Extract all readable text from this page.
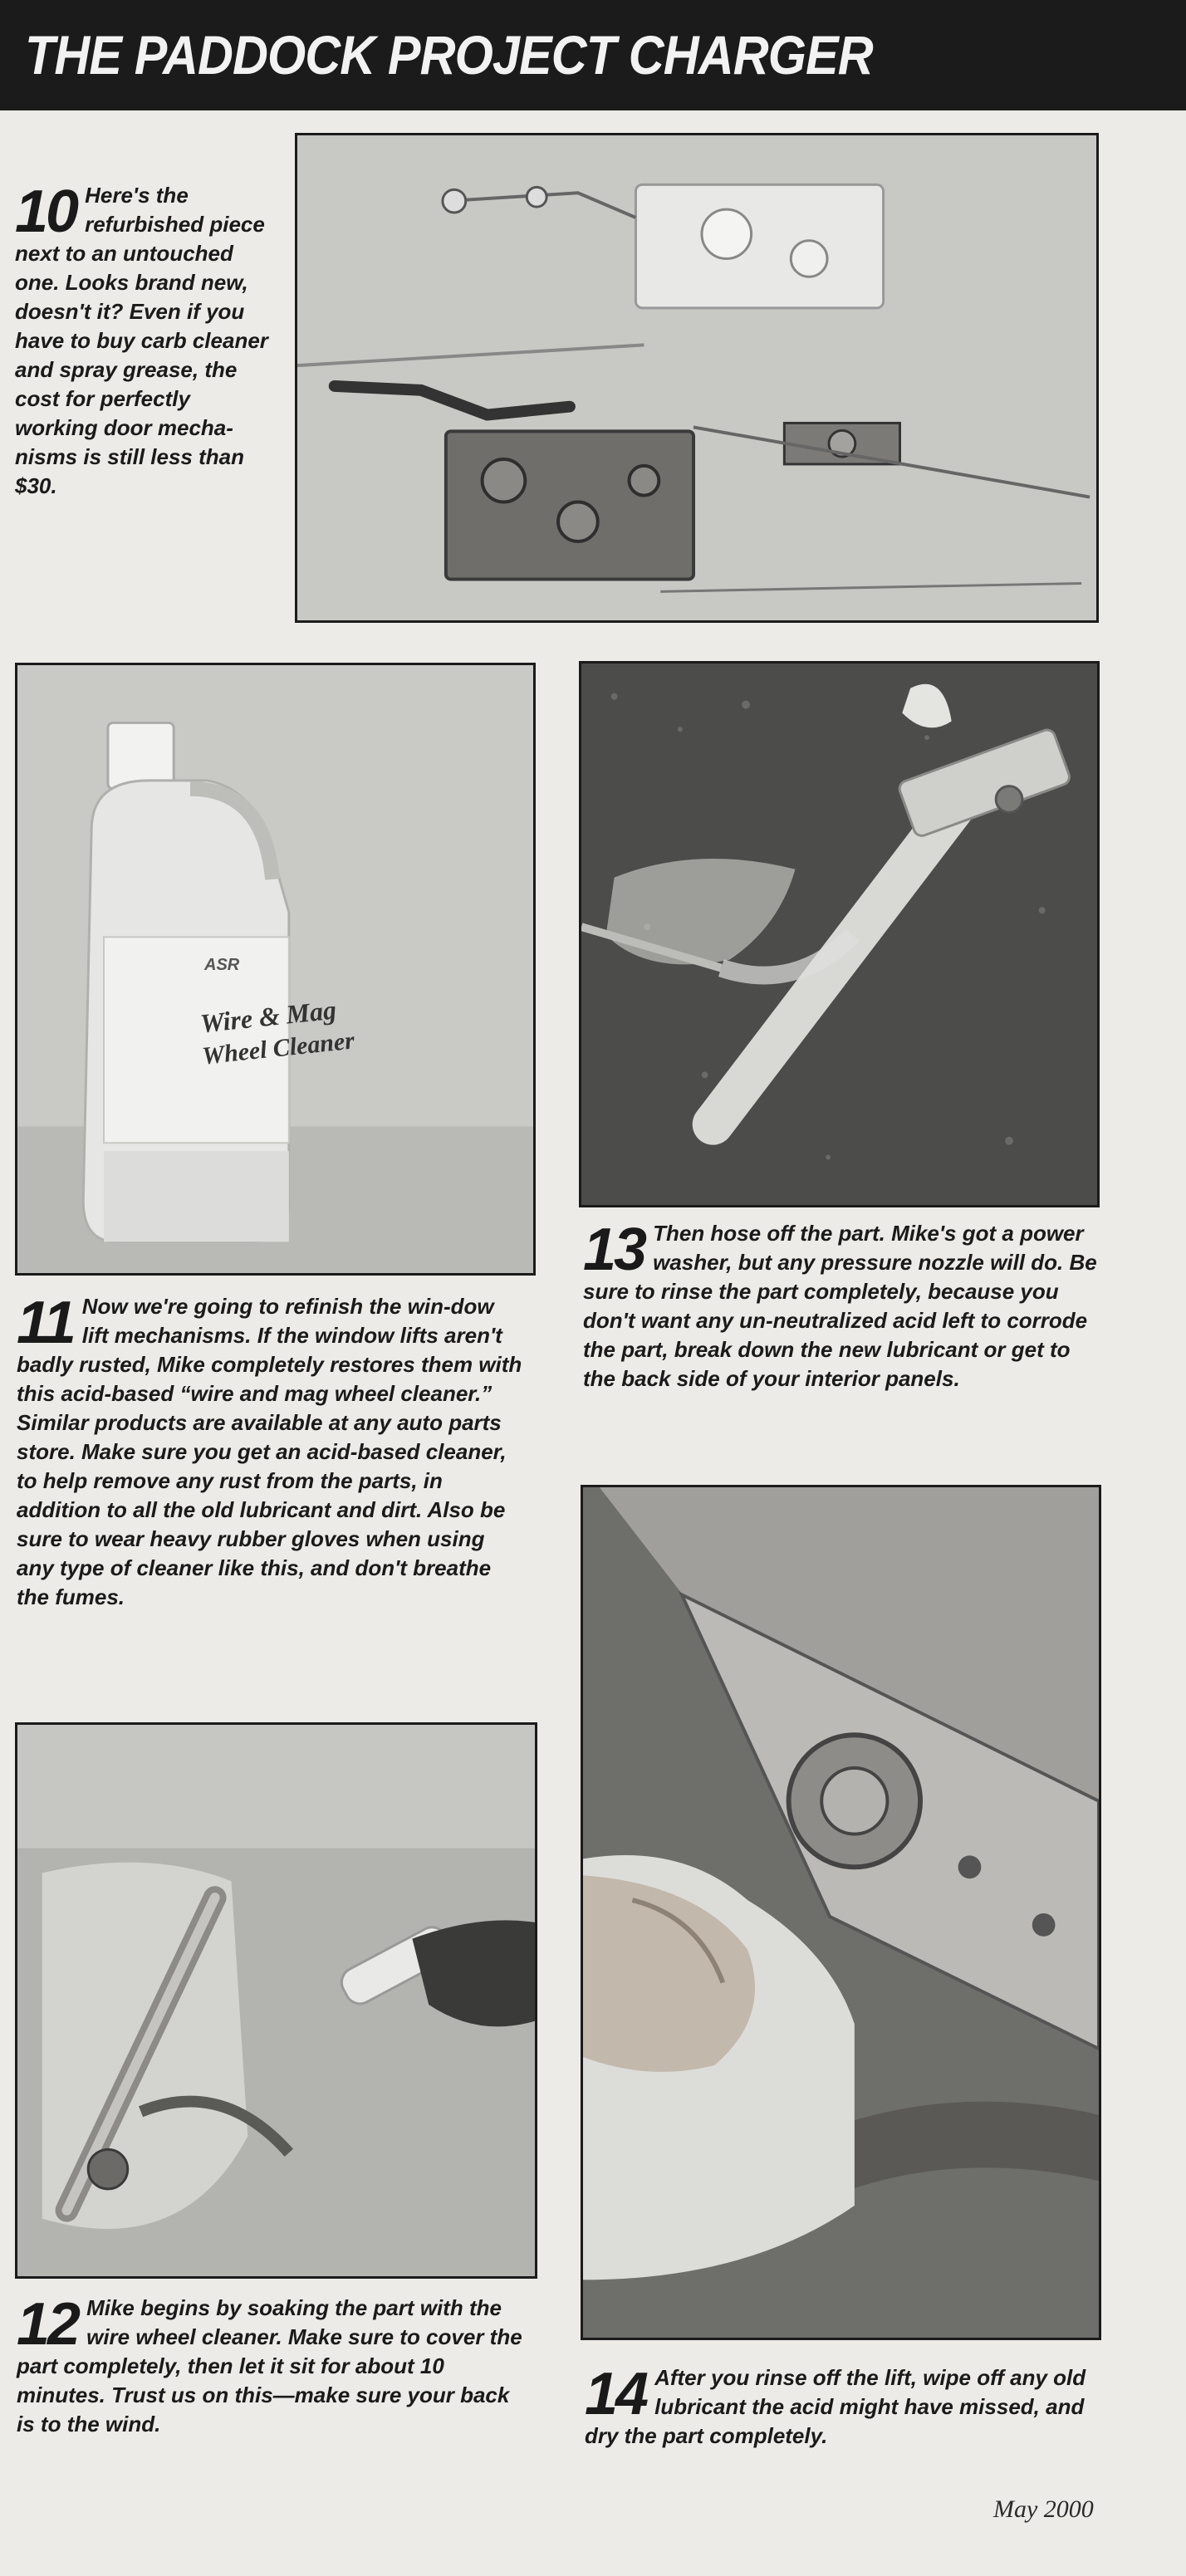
THE PADDOCK PROJECT CHARGER
10 Here's the refurbished piece next to an untouched one. Looks brand new, doesn't it? Even if you have to buy carb cleaner and spray grease, the cost for perfectly working door mecha-nisms is still less than $30.
ASR
Wire & Mag
Wheel Cleaner
11 Now we're going to refinish the win-dow lift mechanisms. If the window lifts aren't badly rusted, Mike completely restores them with this acid-based “wire and mag wheel cleaner.” Similar products are available at any auto parts store. Make sure you get an acid-based cleaner, to help remove any rust from the parts, in addition to all the old lubricant and dirt. Also be sure to wear heavy rubber gloves when using any type of cleaner like this, and don't breathe the fumes.
12 Mike begins by soaking the part with the wire wheel cleaner. Make sure to cover the part completely, then let it sit for about 10 minutes. Trust us on this—make sure your back is to the wind.
13 Then hose off the part. Mike's got a power washer, but any pressure nozzle will do. Be sure to rinse the part completely, because you don't want any un-neutralized acid left to corrode the part, break down the new lubricant or get to the back side of your interior panels.
14 After you rinse off the lift, wipe off any old lubricant the acid might have missed, and dry the part completely.
May 2000
